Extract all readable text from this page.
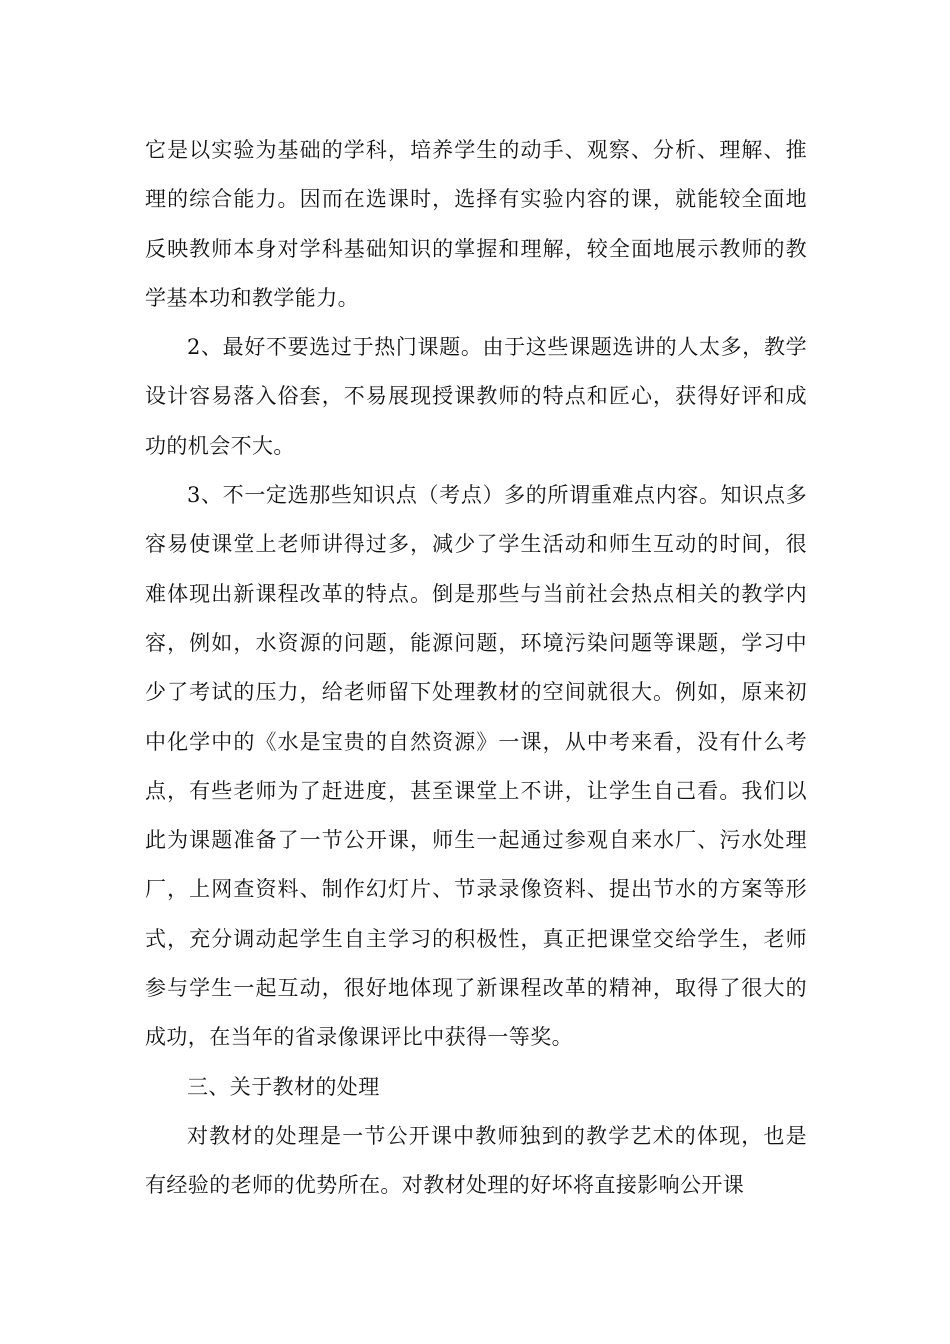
它是以实验为基础的学科，培养学生的动手、观察、分析、理解、推理的综合能力。因而在选课时，选择有实验内容的课，就能较全面地反映教师本身对学科基础知识的掌握和理解，较全面地展示教师的教学基本功和教学能力。

2、最好不要选过于热门课题。由于这些课题选讲的人太多，教学设计容易落入俗套，不易展现授课教师的特点和匠心，获得好评和成功的机会不大。

3、不一定选那些知识点（考点）多的所谓重难点内容。知识点多容易使课堂上老师讲得过多，减少了学生活动和师生互动的时间，很难体现出新课程改革的特点。倒是那些与当前社会热点相关的教学内容，例如，水资源的问题，能源问题，环境污染问题等课题，学习中少了考试的压力，给老师留下处理教材的空间就很大。例如，原来初中化学中的《水是宝贵的自然资源》一课，从中考来看，没有什么考点，有些老师为了赶进度，甚至课堂上不讲，让学生自己看。我们以此为课题准备了一节公开课，师生一起通过参观自来水厂、污水处理厂，上网查资料、制作幻灯片、节录录像资料、提出节水的方案等形式，充分调动起学生自主学习的积极性，真正把课堂交给学生，老师参与学生一起互动，很好地体现了新课程改革的精神，取得了很大的成功，在当年的省录像课评比中获得一等奖。

三、关于教材的处理

对教材的处理是一节公开课中教师独到的教学艺术的体现，也是有经验的老师的优势所在。对教材处理的好坏将直接影响公开课
